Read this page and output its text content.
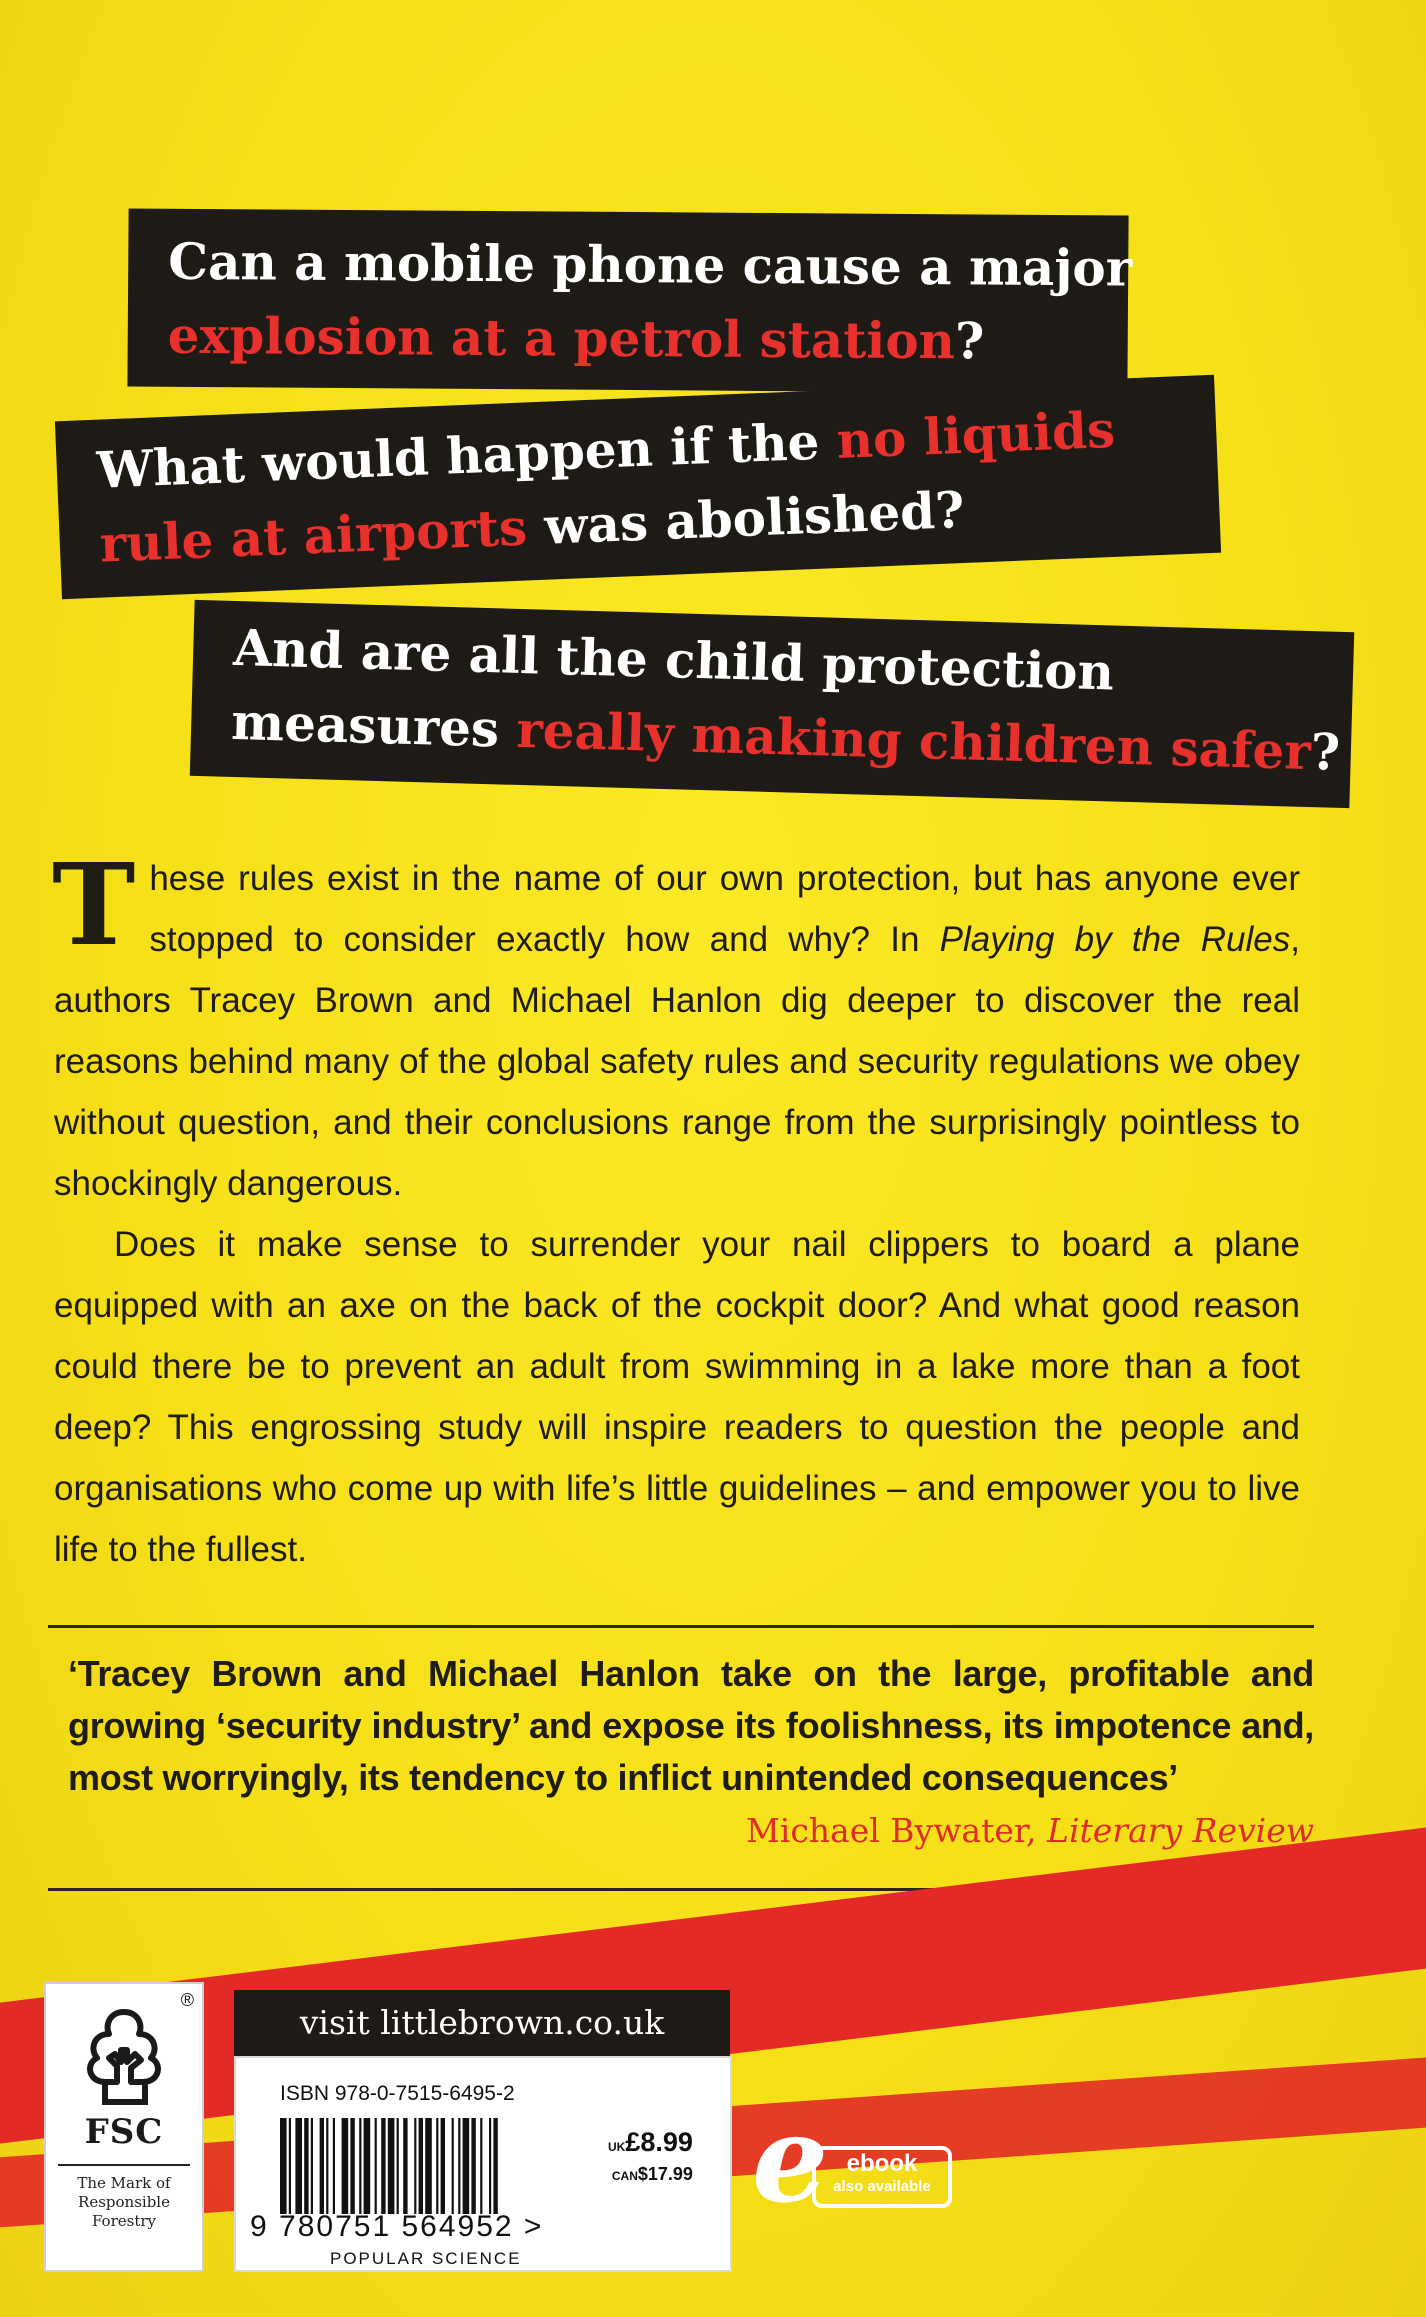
Can a mobile phone cause a major
explosion at a petrol station?
What would happen if the no liquids
rule at airports was abolished?
And are all the child protection
measures really making children safer?

These rules exist in the name of our own protection, but has anyone ever stopped to consider exactly how and why? In Playing by the Rules, authors Tracey Brown and Michael Hanlon dig deeper to discover the real reasons behind many of the global safety rules and security regulations we obey without question, and their conclusions range from the surprisingly pointless to shockingly dangerous.

Does it make sense to surrender your nail clippers to board a plane equipped with an axe on the back of the cockpit door? And what good reason could there be to prevent an adult from swimming in a lake more than a foot deep? This engrossing study will inspire readers to question the people and organisations who come up with life’s little guidelines – and empower you to live life to the fullest.

‘Tracey Brown and Michael Hanlon take on the large, profitable and growing ‘security industry’ and expose its foolishness, its impotence and, most worryingly, its tendency to inflict unintended consequences’
Michael Bywater, Literary Review
®
FSC
The Mark of Responsible Forestry
visit littlebrown.co.uk
ISBN 978-0-7515-6495-2
9 780751 564952 >
POPULAR SCIENCE
UK£8.99
CAN$17.99 e ebook
also available
